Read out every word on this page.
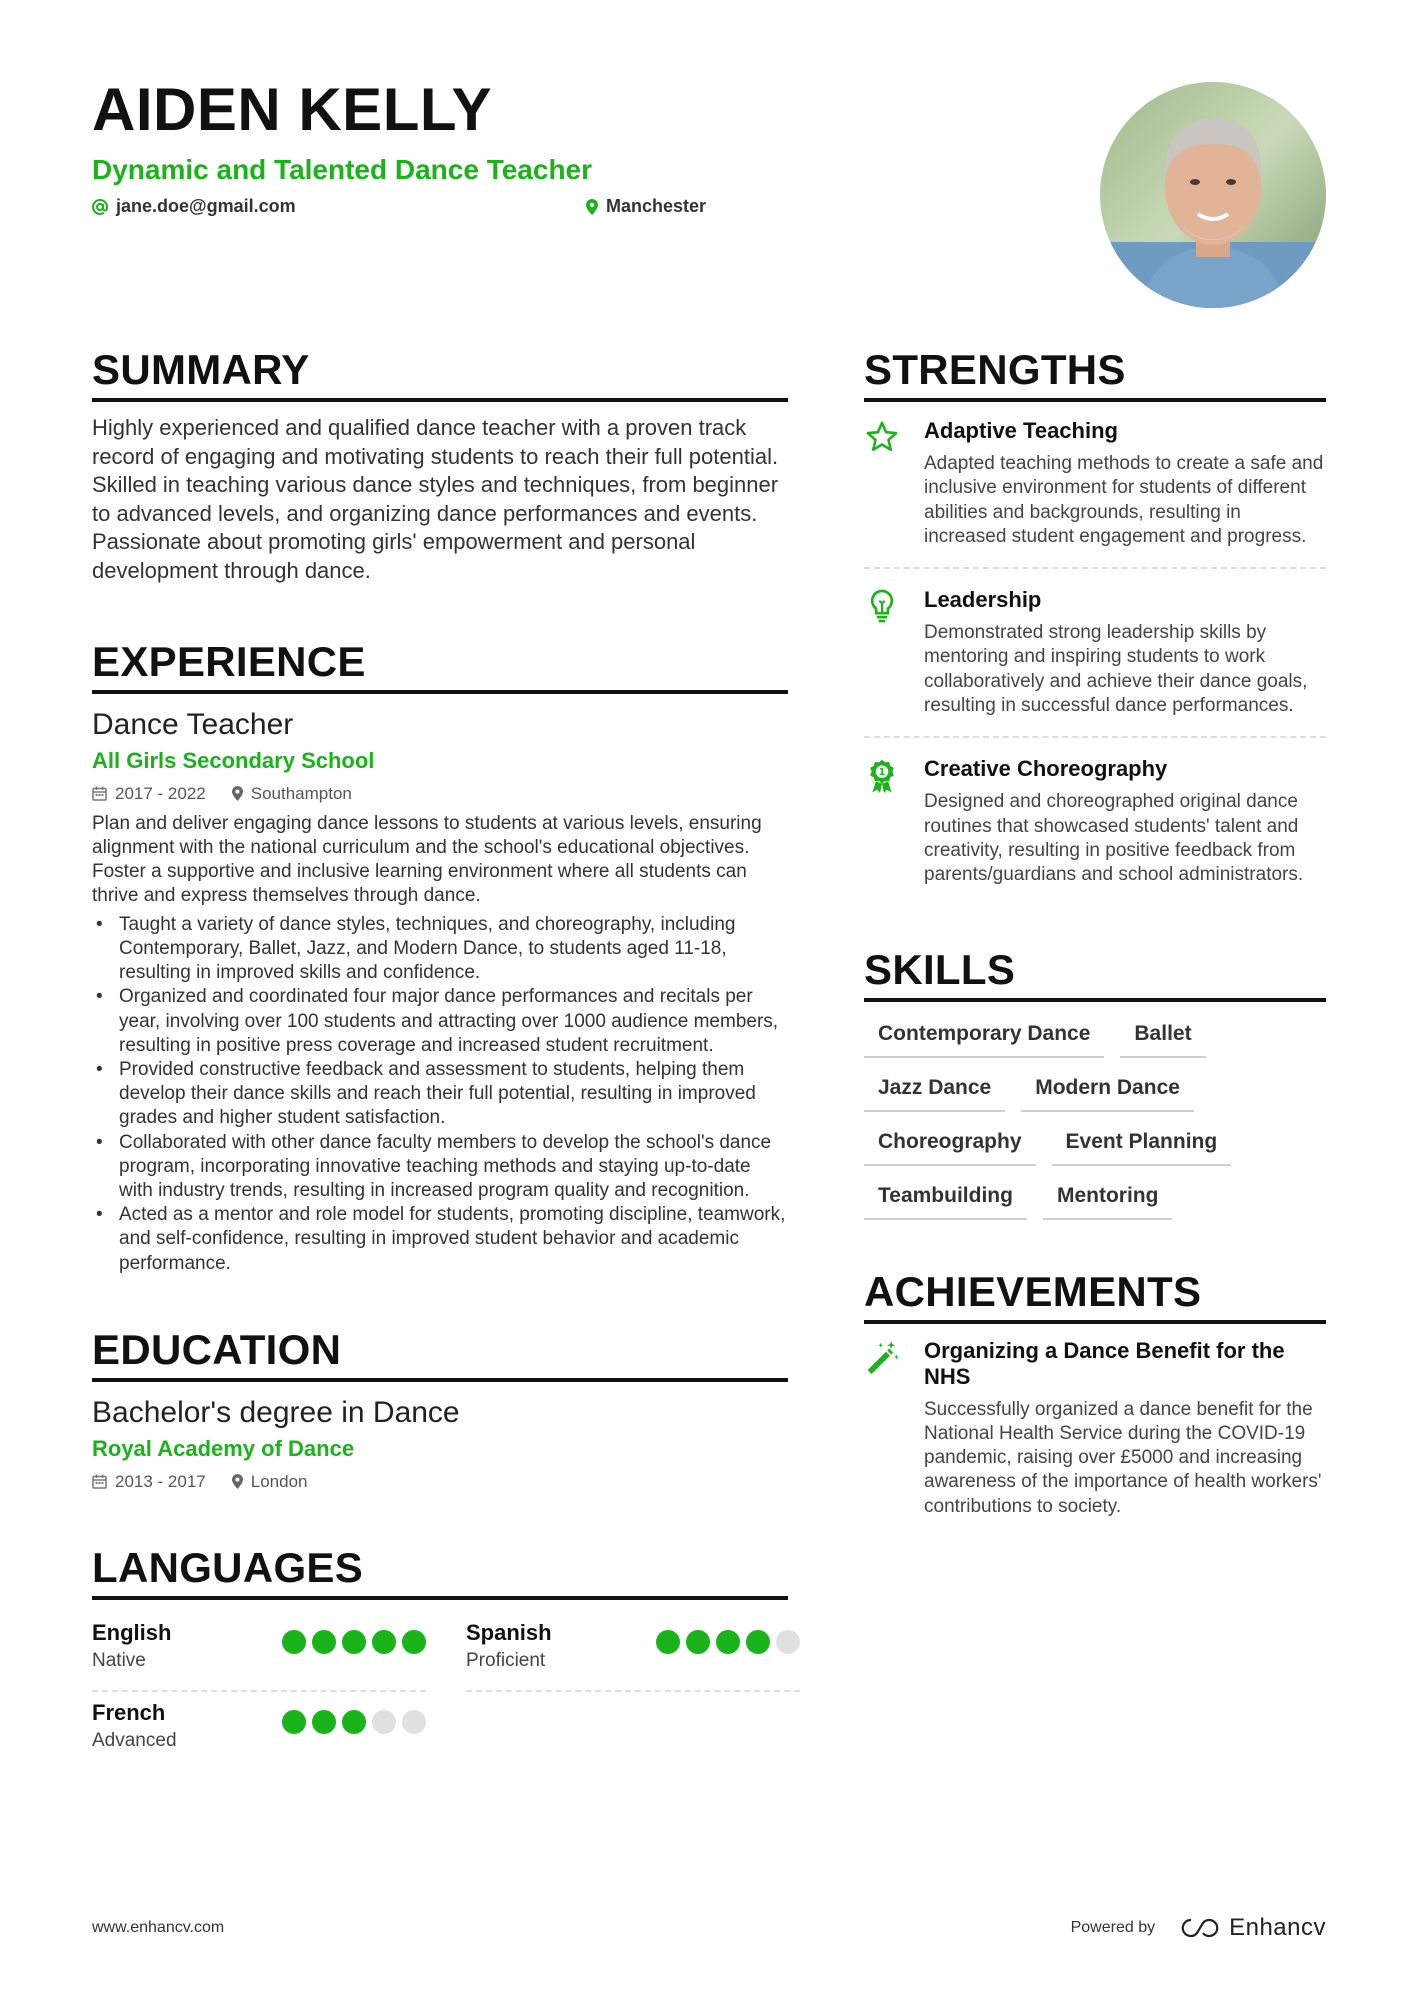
AIDEN KELLY
Dynamic and Talented Dance Teacher
jane.doe@gmail.com	Manchester
SUMMARY

Highly experienced and qualified dance teacher with a proven track record of engaging and motivating students to reach their full potential. Skilled in teaching various dance styles and techniques, from beginner to advanced levels, and organizing dance performances and events. Passionate about promoting girls' empowerment and personal development through dance.

EXPERIENCE
Dance Teacher
All Girls Secondary School
2017 - 2022	Southampton

Plan and deliver engaging dance lessons to students at various levels, ensuring alignment with the national curriculum and the school's educational objectives. Foster a supportive and inclusive learning environment where all students can thrive and express themselves through dance.

• Taught a variety of dance styles, techniques, and choreography, including Contemporary, Ballet, Jazz, and Modern Dance, to students aged 11-18, resulting in improved skills and confidence.
• Organized and coordinated four major dance performances and recitals per year, involving over 100 students and attracting over 1000 audience members, resulting in positive press coverage and increased student recruitment.
• Provided constructive feedback and assessment to students, helping them develop their dance skills and reach their full potential, resulting in improved grades and higher student satisfaction.
• Collaborated with other dance faculty members to develop the school's dance program, incorporating innovative teaching methods and staying up-to-date with industry trends, resulting in increased program quality and recognition.
• Acted as a mentor and role model for students, promoting discipline, teamwork, and self-confidence, resulting in improved student behavior and academic performance.
EDUCATION
Bachelor's degree in Dance
Royal Academy of Dance
2013 - 2017	London
LANGUAGES
English
Native
Spanish
Proficient
French
Advanced
STRENGTHS
Adaptive Teaching
Adapted teaching methods to create a safe and inclusive environment for students of different abilities and backgrounds, resulting in increased student engagement and progress.
Leadership
Demonstrated strong leadership skills by mentoring and inspiring students to work collaboratively and achieve their dance goals, resulting in successful dance performances.
1 Creative Choreography
Designed and choreographed original dance routines that showcased students' talent and creativity, resulting in positive feedback from parents/guardians and school administrators.
SKILLS
Contemporary Dance	Ballet
Jazz Dance	Modern Dance
Choreography	Event Planning
Teambuilding	Mentoring
ACHIEVEMENTS
Organizing a Dance Benefit for the NHS
Successfully organized a dance benefit for the National Health Service during the COVID-19 pandemic, raising over £5000 and increasing awareness of the importance of health workers' contributions to society.
www.enhancv.com	Powered by	Enhancv
